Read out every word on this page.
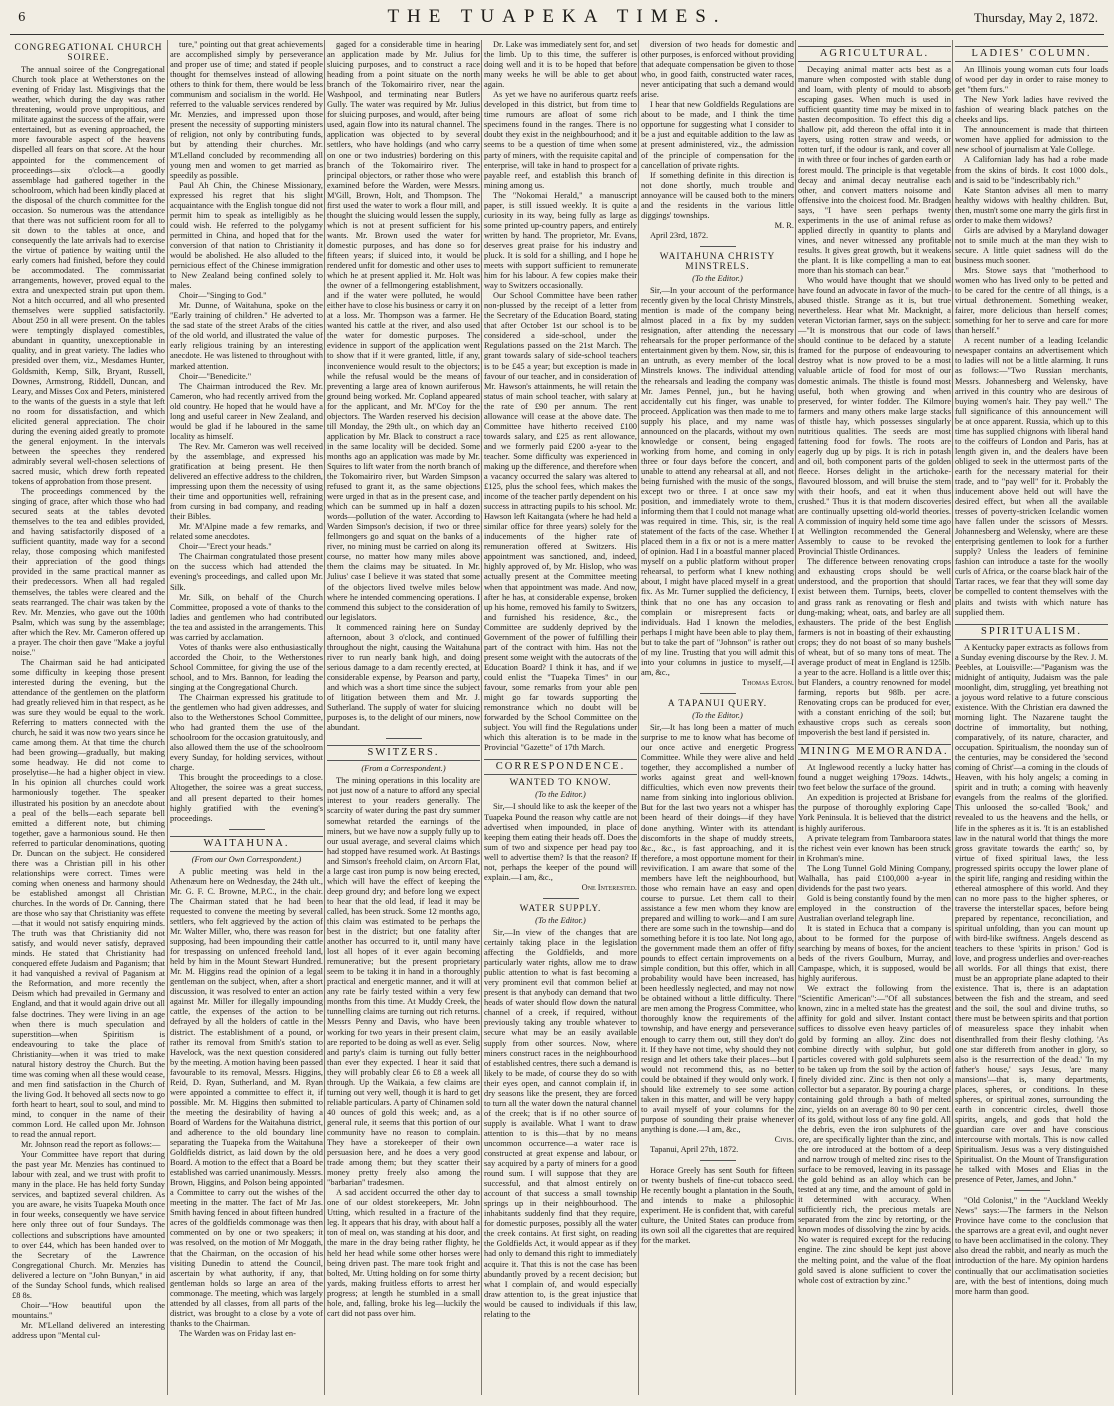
6	THE TUAPEKA TIMES.	Thursday, May 2, 1872.

CONGREGATIONAL CHURCH SOIREE.

The annual soiree of the Congregational Church took place at Wetherstones on the evening of Friday last. Misgivings that the weather, which during the day was rather threatening, would prove unpropitious, and militate against the success of the affair, were entertained, but as evening approached, the more favourable aspect of the heavens dispelled all fears on that score. At the hour appointed for the commencement of proceedings—six o'clock—a goodly assemblage had gathered together in the schoolroom, which had been kindly placed at the disposal of the church committee for the occasion. So numerous was the attendance that there was not sufficient room for all to sit down to the tables at once, and consequently the late arrivals had to exercise the virtue of patience by waiting until the early comers had finished, before they could be accommodated. The commissariat arrangements, however, proved equal to the extra and unexpected strain put upon them. Not a hitch occurred, and all who presented themselves were supplied satisfactorily. About 250 in all were present. On the tables were temptingly displayed comestibles, abundant in quantity, unexceptionable in quality, and in great variety. The ladies who presided over them, viz., Mesdames Hunter, Goldsmith, Kemp, Silk, Bryant, Russell, Downes, Armstrong, Riddell, Duncan, and Leary, and Misses Cox and Peters, ministered to the wants of the guests in a style that left no room for dissatisfaction, and which elicited general appreciation. The choir during the evening aided greatly to promote the general enjoyment. In the intervals between the speeches they rendered admirably several well-chosen selections of sacred music, which drew forth repeated tokens of approbation from those present.

The proceedings commenced by the singing of grace, after which those who had secured seats at the tables devoted themselves to the tea and edibles provided, and having satisfactorily disposed of a sufficient quantity, made way for a second relay, those composing which manifested their appreciation of the good things provided in the same practical manner as their predecessors. When all had regaled themselves, the tables were cleared and the seats rearranged. The chair was taken by the Rev. Mr. Menzies, who gave out the 100th Psalm, which was sung by the assemblage; after which the Rev. Mr. Cameron offered up a prayer. The choir then gave "Make a joyful noise."

The Chairman said he had anticipated some difficulty in keeping those present interested during the evening, but the attendance of the gentlemen on the platform had greatly relieved him in that respect, as he was sure they would be equal to the work. Referring to matters connected with the church, he said it was now two years since he came among them. At that time the church had been growing—gradually, but making some headway. He did not come to proselytise—he had a higher object in view. In his opinion all churches could work harmoniously together. The speaker illustrated his position by an anecdote about a peal of the bells—each separate bell emitted a different note, but chiming together, gave a harmonious sound. He then referred to particular denominations, quoting Dr. Duncan on the subject. He considered there was a Christian pill in his other relationships were correct. Times were coming when oneness and harmony should be established amongst all Christian churches. In the words of Dr. Canning, there are those who say that Christianity was effete—that it would not satisfy enquiring minds. The truth was that Christianity did not satisfy, and would never satisfy, depraved minds. He stated that Christianity had conquered effete Judaism and Paganism; that it had vanquished a revival of Paganism at the Reformation, and more recently the Deism which had prevailed in Germany and England, and that it would again drive out all false doctrines. They were living in an age when there is much speculation and superstition—when Spiritism is endeavouring to take the place of Christianity—when it was tried to make natural history destroy the Church. But the time was coming when all these would cease, and men find satisfaction in the Church of the living God. It behoved all sects now to go forth heart to heart, soul to soul, and mind to mind, to conquer in the name of their common Lord. He called upon Mr. Johnson to read the annual report.

Mr. Johnson read the report as follows:—

Your Committee have report that during the past year Mr. Menzies has continued to labour with zeal, and we trust with profit to many in the place. He has held forty Sunday services, and baptized several children. As you are aware, he visits Tuapeka Mouth once in four weeks, consequently we have service here only three out of four Sundays. The collections and subscriptions have amounted to over £44, which has been handed over to the Secretary of the Lawrence Congregational Church. Mr. Menzies has delivered a lecture on "John Bunyan," in aid of the Sunday School funds, which realised £8 8s.

Choir—"How beautiful upon the mountains."

Mr. M'Lelland delivered an interesting address upon "Mental cul-

ture," pointing out that great achievements are accomplished simply by perseverance and proper use of time; and stated if people thought for themselves instead of allowing others to think for them, there would be less communism and socialism in the world. He referred to the valuable services rendered by Mr. Menzies, and impressed upon those present the necessity of supporting ministers of religion, not only by contributing funds, but by attending their churches. Mr. M'Lelland concluded by recommending all young men and women to get married as speedily as possible.

Paul Ah Chin, the Chinese Missionary, expressed his regret that his slight acquaintance with the English tongue did not permit him to speak as intelligibly as he could wish. He referred to the polygamy permitted in China, and hoped that for the conversion of that nation to Christianity it would be abolished. He also alluded to the pernicious effect of the Chinese immigration to New Zealand being confined solely to males.

Choir—"Singing to God."

Mr. Dunne, of Waitahuna, spoke on the "Early training of children." He adverted to the sad state of the street Arabs of the cities of the old world, and illustrated the value of early religious training by an interesting anecdote. He was listened to throughout with marked attention.

Choir—"Benedicite."

The Chairman introduced the Rev. Mr. Cameron, who had recently arrived from the old country. He hoped that he would have a long and useful career in New Zealand, and would be glad if he laboured in the same locality as himself.

The Rev. Mr. Cameron was well received by the assemblage, and expressed his gratification at being present. He then delivered an effective address to the children, impressing upon them the necessity of using their time and opportunities well, refraining from cursing in bad company, and reading their Bibles.

Mr. M'Alpine made a few remarks, and related some anecdotes.

Choir—"Erect your heads."

The Chairman congratulated those present on the success which had attended the evening's proceedings, and called upon Mr. Silk.

Mr. Silk, on behalf of the Church Committee, proposed a vote of thanks to the ladies and gentlemen who had contributed the tea and assisted in the arrangements. This was carried by acclamation.

Votes of thanks were also enthusiastically accorded the Choir, to the Wetherstones School Committee, for giving the use of the school, and to Mrs. Bannon, for leading the singing at the Congregational Church.

The Chairman expressed his gratitude to the gentlemen who had given addresses, and also to the Wetherstones School Committee, who had granted them the use of the schoolroom for the occasion gratuitously, and also allowed them the use of the schoolroom every Sunday, for holding services, without charge.

This brought the proceedings to a close. Altogether, the soiree was a great success, and all present departed to their homes highly gratified with the evening's proceedings.

WAITAHUNA.

(From our Own Correspondent.)

A public meeting was held in the Athenæum here on Wednesday, the 24th ult., Mr. G. F. C. Browne, M.P.C., in the chair. The Chairman stated that he had been requested to convene the meeting by several settlers, who felt aggrieved by the action of Mr. Walter Miller, who, there was reason for supposing, had been impounding their cattle for trespassing on unfenced freehold land, held by him in the Mount Stewart Hundred. Mr. M. Higgins read the opinion of a legal gentleman on the subject, when, after a short discussion, it was resolved to enter an action against Mr. Miller for illegally impounding cattle, the expenses of the action to be defrayed by all the holders of cattle in the district. The establishment of a pound, or rather its removal from Smith's station to Havelock, was the next question considered by the meeting. A motion having been passed favourable to its removal, Messrs. Higgins, Reid, D. Ryan, Sutherland, and M. Ryan were appointed a committee to effect it, if possible. Mr. M. Higgins then submitted to the meeting the desirability of having a Board of Wardens for the Waitahuna district, and adherence to the old boundary line separating the Tuapeka from the Waitahuna Goldfields district, as laid down by the old Board. A motion to the effect that a Board be established was carried unanimously. Messrs. Brown, Higgins, and Polson being appointed a Committee to carry out the wishes of the meeting in the matter. The fact of Mr Jas. Smith having fenced in about fifteen hundred acres of the goldfields commonage was then commented on by one or two speakers; it was resolved, on the motion of Mr Moggath, that the Chairman, on the occasion of his visiting Dunedin to attend the Council, ascertain by what authority, if any, that gentleman holds so large an area of the commonage. The meeting, which was largely attended by all classes, from all parts of the district, was brought to a close by a vote of thanks to the Chairman.

The Warden was on Friday last en-

gaged for a considerable time in hearing an application made by Mr. Julius for sluicing purposes, and to construct a race heading from a point situate on the north branch of the Tokomairiro river, near the Washpool, and terminating near Butlers Gully. The water was required by Mr. Julius for sluicing purposes, and would, after being used, again flow into its natural channel. The application was objected to by several settlers, who have holdings (and who carry on one or two industries) bordering on this branch of the Tokomairiro river. The principal objectors, or rather those who were examined before the Warden, were Messrs. M'Gill, Brown, Holt, and Thompson. The first used the water to work a flour mill, and thought the sluicing would lessen the supply, which is not at present sufficient for his wants. Mr. Brown used the water for domestic purposes, and has done so for fifteen years; if sluiced into, it would be rendered unfit for domestic and other uses to which he at present applied it. Mr. Holt was the owner of a fellmongering establishment, and if the water were polluted, he would either have to close his business or carry it on at a loss. Mr. Thompson was a farmer. He wanted his cattle at the river, and also used the water for domestic purposes. The evidence in support of the application went to show that if it were granted, little, if any, inconvenience would result to the objectors; while the refusal would be the means of preventing a large area of known auriferous ground being worked. Mr. Copland appeared for the applicant, and Mr. M'Coy for the objectors. The Warden reserved his decision till Monday, the 29th ult., on which day an application by Mr. Black to construct a race in the same locality will be decided. Some months ago an application was made by Mr. Squires to lift water from the north branch of the Tokomairiro river, but Warden Simpson refused to grant it, as the same objections were urged in that as in the present case, and which can be summed up in half a dozen words—pollution of the water. According to Warden Simpson's decision, if two or three fellmongers go and squat on the banks of a river, no mining must be carried on along its course, no matter how many miles above them the claims may be situated. In Mr. Julius' case I believe it was stated that some of the objectors lived twelve miles below where he intended commencing operations. I commend this subject to the consideration of our legislators.

It commenced raining here on Sunday afternoon, about 3 o'clock, and continued throughout the night, causing the Waitahuna river to run nearly bank high, and doing serious damage to a dam recently erected, at considerable expense, by Pearson and party, and which was a short time since the subject of litigation between them and Mr. J. Sutherland. The supply of water for sluicing purposes is, to the delight of our miners, now abundant.

SWITZERS.

(From a Correspondent.)

The mining operations in this locality are not just now of a nature to afford any special interest to your readers generally. The scarcity of water during the past dry summer somewhat retarded the earnings of the miners, but we have now a supply fully up to our usual average, and several claims which had stopped have resumed work. At Bastings and Simson's freehold claim, on Arcorn Flat, a large cast iron pump is now being erected, which will have the effect of keeping the deep ground dry; and before long we expect to hear that the old lead, if lead it may be called, has been struck. Some 12 months ago, this claim was estimated to be perhaps the best in the district; but one fatality after another has occurred to it, until many have lost all hopes of it ever again becoming remunerative; but the present proprietary seem to be taking it in hand in a thoroughly practical and energetic manner, and it will at any rate be fairly tested within a very few months from this time. At Muddy Creek, the tunnelling claims are turning out rich returns. Messrs Penny and Davis, who have been working for two years in their present claim, are reported to be doing as well as ever. Selig and party's claim is turning out fully better than ever they expected. I hear it said that they will probably clear £6 to £8 a week all through. Up the Waikaia, a few claims are turning out very well, though it is hard to get reliable particulars. A party of Chinamen sold 40 ounces of gold this week; and, as a general rule, it seems that this portion of our community have no reason to complain. They have a storekeeper of their own persuasion here, and he does a very good trade among them; but they scatter their money pretty freely also among the "barbarian" tradesmen.

A sad accident occurred the other day to one of our oldest storekeepers, Mr. John Utting, which resulted in a fracture of the leg. It appears that his dray, with about half a ton of meal on, was standing at his door, and the mare in the dray being rather flighty, he held her head while some other horses were being driven past. The mare took fright and bolted, Mr. Utting holding on for some thirty yards, making fruitless efforts to arrest her progress; at length he stumbled in a small hole, and, falling, broke his leg—luckily the cart did not pass over him.

Dr. Lake was immediately sent for, and set the limb. Up to this time, the sufferer is doing well and it is to be hoped that before many weeks he will be able to get about again.

As yet we have no auriferous quartz reefs developed in this district, but from time to time rumours are afloat of some rich specimens found in the ranges. There is no doubt they exist in the neighbourhood; and it seems to be a question of time when some party of miners, with the requisite capital and enterprise, will take in hand to prospect for a payable reef, and establish this branch of mining among us.

The "Nokomai Herald," a manuscript paper, is still issued weekly. It is quite a curiosity in its way, being fully as large as some printed up-country papers, and entirely written by hand. The proprietor, Mr. Evans, deserves great praise for his industry and pluck. It is sold for a shilling, and I hope he meets with support sufficient to remunerate him for his labour. A few copies make their way to Switzers occasionally.

Our School Committee have been rather non-plussed by the receipt of a letter from the Secretary of the Education Board, stating that after October 1st our school is to be considered a side-school, under the Regulations passed on the 21st March. The grant towards salary of side-school teachers is to be £45 a year; but exception is made in favour of our teacher, and in consideration of Mr. Hawson's attainments, he will retain the status of main school teacher, with salary at the rate of £90 per annum. The rent allowance will cease at the above date. The Committee have hitherto received £100 towards salary, and £25 as rent allowance, and we formerly paid £200 a-year to the teacher. Some difficulty was experienced in making up the difference, and therefore when a vacancy occurred the salary was altered to £125, plus the school fees, which makes the income of the teacher partly dependent on his success in attracting pupils to his school. Mr. Hawson left Kaitangata (where he had held a similar office for three years) solely for the inducements of the higher rate of remuneration offered at Switzers. His appointment was sanctioned, and, indeed, highly approved of, by Mr. Hislop, who was actually present at the Committee meeting when that appointment was made. And now, after he has, at considerable expense, broken up his home, removed his family to Switzers, and furnished his residence, &c., the Committee are suddenly deprived by the Government of the power of fulfilling their part of the contract with him. Has not the present some weight with the autocrats of the Education Board? I think it has, and if we could enlist the "Tuapeka Times" in our favour, some remarks from your able pen might go far towards supporting the remonstrance which no doubt will be forwarded by the School Committee on the subject. You will find the Regulations under which this alteration is to be made in the Provincial "Gazette" of 17th March.

CORRESPONDENCE.

WANTED TO KNOW.

(To the Editor.)

Sir,—I should like to ask the keeper of the Tuapeka Pound the reason why cattle are not advertised when impounded, in place of keeping them eating their heads off. Does the sum of two and sixpence per head pay too well to advertise them? Is that the reason? If not, perhaps the keeper of the pound will explain.—I am, &c.,

One Interested.

WATER SUPPLY.

(To the Editor.)

Sir,—In view of the changes that are certainly taking place in the legislation affecting the Goldfields, and more particularly water rights, allow me to draw public attention to what is fast becoming a very prominent evil that common belief at present is that anybody can demand that two heads of water should flow down the natural channel of a creek, if required, without previously taking any trouble whatever to secure what may be an easily available supply from other sources. Now, where miners construct races in the neighbourhood of established centres, there such a demand is likely to be made, of course they do so with their eyes open, and cannot complain if, in dry seasons like the present, they are forced to turn all the water down the natural channel of the creek; that is if no other source of supply is available. What I want to draw attention to is this—that by no means uncommon occurrence—a water race is constructed at great expense and labour, or say acquired by a party of miners for a good round sum. I will suppose that they are successful, and that almost entirely on account of that success a small township springs up in their neighbourhood. The inhabitants suddenly find that they require, for domestic purposes, possibly all the water the creek contains. At first sight, on reading the Goldfields Act, it would appear as if they had only to demand this right to immediately acquire it. That this is not the case has been abundantly proved by a recent decision; but what I complain of, and would especially draw attention to, is the great injustice that would be caused to individuals if this law, relating to the

diversion of two heads for domestic and other purposes, is enforced without providing that adequate compensation be given to those who, in good faith, constructed water races, never anticipating that such a demand would arise.

I hear that new Goldfields Regulations are about to be made, and I think the time opportune for suggesting what I consider to be a just and equitable addition to the law as at present administered, viz., the admission of the principle of compensation for the cancellation of private rights.

If something definite in this direction is not done shortly, much trouble and annoyance will be caused both to the miners and the residents in the various little diggings' townships.

M. R.

April 23rd, 1872.

WAITAHUNA CHRISTY MINSTRELS.

(To the Editor.)

Sir,—In your account of the performance recently given by the local Christy Minstrels, mention is made of the company being almost placed in a fix by my sudden resignation, after attending the necessary rehearsals for the proper performance of the entertainment given by them. Now, sir, this is an untruth, as every member of the local Minstrels knows. The individual attending the rehearsals and leading the company was Mr. James Pennel, jun., but he having accidentally cut his finger, was unable to proceed. Application was then made to me to supply his place, and my name was announced on the placards, without my own knowledge or consent, being engaged working from home, and coming in only three or four days before the concert, and unable to attend any rehearsal at all, and not being furnished with the music of the songs, except two or three. I at once saw my position, and immediately wrote to them, informing them that I could not manage what was required in time. This, sir, is the real statement of the facts of the case. Whether I placed them in a fix or not is a mere matter of opinion. Had I in a boastful manner placed myself on a public platform without proper rehearsal, to perform what I knew nothing about, I might have placed myself in a great fix. As Mr. Turner supplied the deficiency, I think that no one has any occasion to complain or misrepresent facts or individuals. Had I known the melodies, perhaps I might have been able to play them, but to take the part of "Johnson" is rather out of my line. Trusting that you will admit this into your columns in justice to myself,—I am, &c.,

Thomas Eaton.

A TAPANUI QUERY.

(To the Editor.)

Sir,—It has long been a matter of much surprise to me to know what has become of our once active and energetic Progress Committee. While they were alive and held together, they accomplished a number of works against great and well-known difficulties, which even now prevents their name from sinking into inglorious oblivion. But for the last two years not a whisper has been heard of their doings—if they have done anything. Winter with its attendant discomforts in the shape of muddy streets, &c., &c., is fast approaching, and it is therefore, a most opportune moment for their revivification. I am aware that some of the members have left the neighbourhood, but those who remain have an easy and open course to pursue. Let them call to their assistance a few men whom they know are prepared and willing to work—and I am sure there are some such in the township—and do something before it is too late. Not long ago, the government made them an offer of fifty pounds to effect certain improvements on a simple condition, but this offer, which in all probability would have been increased, has been heedlessly neglected, and may not now be obtained without a little difficulty. There are men among the Progress Committee, who thoroughly know the requirements of the township, and have energy and perseverance enough to carry them out, still they don't do it. If they have not time, why should they not resign and let others take their places—but I would not recommend this, as no better could be obtained if they would only work. I should like extremely to see some action taken in this matter, and will be very happy to avail myself of your columns for the purpose of sounding their praise whenever anything is done.—I am, &c.,

Civis.

Tapanui, April 27th, 1872.

Horace Greely has sent South for fifteen or twenty bushels of fine-cut tobacco seed. He recently bought a plantation in the South, and intends to make a philosophic experiment. He is confident that, with careful culture, the United States can produce from its own soil all the cigarettes that are required for the market.

AGRICULTURAL.

Decaying animal matter acts best as a manure when composted with stable dung and loam, with plenty of mould to absorb escaping gases. When much is used in sufficient quantity time may be mixed in to hasten decomposition. To effect this dig a shallow pit, add thereon the offal into it in layers, using rotten straw and weeds, or rotten turf, if the odour is rank, and cover all in with three or four inches of garden earth or forest mould. The principle is that vegetable decay and animal decay neutralise each other, and convert matters noisome and offensive into the choicest food. Mr. Bradgen says, "I have seen perhaps twenty experiments in the use of animal refuse as applied directly in quantity to plants and vines, and never witnessed any profitable results. It gives great growth, but it weakens the plant. It is like compelling a man to eat more than his stomach can bear."

Who would have thought that we should have found an advocate in favor of the much-abused thistle. Strange as it is, but true nevertheless. Hear what Mr. Macknight, a veteran Victorian farmer, says on the subject:—"It is monstrous that our code of laws should continue to be defaced by a statute framed for the purpose of endeavouring to destroy what is now proved to be a most valuable article of food for most of our domestic animals. The thistle is found most useful, both when growing and when preserved, for winter fodder. The Kilmore farmers and many others make large stacks of thistle hay, which possesses singularly nutritious qualities. The seeds are most fattening food for fowls. The roots are eagerly dug up by pigs. It is rich in potash and oil, both component parts of the golden fleece. Horses delight in the artichoke-flavoured blossom, and will bruise the stem with their hoofs, and eat it when thus crushed." Thus it is that modern discoveries are continually upsetting old-world theories. A commission of inquiry held some time ago at Wellington recommended the General Assembly to cause to be revoked the Provincial Thistle Ordinances.

The difference between renovating crops and exhausting crops should be well understood, and the proportion that should exist between them. Turnips, beets, clover and grass rank as renovating or flesh and dung-making; wheat, oats, and barley are all exhausters. The pride of the best English farmers is not in boasting of their exhausting crops; they do not boast of so many bushels of wheat, but of so many tons of meat. The average product of meat in England is 125lb. a year to the acre. Holland is a little over this; but Flanders, a country renowned for model farming, reports but 98lb. per acre. Renovating crops can be produced for ever, with a constant enriching of the soil; but exhaustive crops such as cereals soon impoverish the best land if persisted in.

MINING MEMORANDA.

At Inglewood recently a lucky hatter has found a nugget weighing 179ozs. 14dwts., two feet below the surface of the ground.

An expedition is projected at Brisbane for the purpose of thoroughly exploring Cape York Peninsula. It is believed that the district is highly auriferous.

A private telegram from Tambaroora states the richest vein ever known has been struck in Krohman's mine.

The Long Tunnel Gold Mining Company, Walhalla, has paid £100,000 a-year in dividends for the past two years.

Gold is being constantly found by the men employed in the construction of the Australian overland telegraph line.

It is stated in Echuca that a company is about to be formed for the purpose of searching by means of boxes, for the ancient beds of the rivers Goulburn, Murray, and Campaspe, which, it is supposed, would be highly auriferous.

We extract the following from the "Scientific American":—"Of all substances known, zinc in a melted state has the greatest affinity for gold and silver. Instant contact suffices to dissolve even heavy particles of gold by forming an alloy. Zinc does not combine directly with sulphur, but gold particles covered with gold sulphurets seem to be taken up from the soil by the action of finely divided zinc. Zinc is then not only a collector but a separator. By pouring a charge containing gold through a bath of melted zinc, yields on an average 80 to 90 per cent. of its gold, without loss of any fine gold. All the debris, even the iron sulphurets of the ore, are specifically lighter than the zinc, and the ore introduced at the bottom of a deep and narrow trough of melted zinc rises to the surface to be removed, leaving in its passage the gold behind as an alloy which can be tested at any time, and the amount of gold in it determined with accuracy. When sufficiently rich, the precious metals are separated from the zinc by retorting, or the known modes of dissolving the zinc by acids. No water is required except for the reducing engine. The zinc should be kept just above the melting point, and the value of the float gold saved is alone sufficient to cover the whole cost of extraction by zinc."

LADIES' COLUMN.

An Illinois young woman cuts four loads of wood per day in order to raise money to get "them furs."

The New York ladies have revived the fashion of wearing black patches on the cheeks and lips.

The announcement is made that thirteen women have applied for admission to the new school of journalism at Yale College.

A Californian lady has had a robe made from the skins of birds. It cost 1000 dols., and is said to be "indescribably rich."

Kate Stanton advises all men to marry healthy widows with healthy children. But, then, mustn't some one marry the girls first in order to make them widows?

Girls are advised by a Maryland dowager not to smile much at the man they wish to secure. A little quiet sadness will do the business much sooner.

Mrs. Stowe says that "motherhood to women who has lived only to be petted and to be cared for the centre of all things, is a virtual dethronement. Something weaker, fairer, more delicious than herself comes; something for her to serve and care for more than herself."

A recent number of a leading Icelandic newspaper contains an advertisement which to ladies will not be a little alarming. It runs as follows:—"Two Russian merchants, Messrs. Johannesberg and Welensky, have arrived in this country who are desirous of buying women's hair. They pay well." The full significance of this announcement will be at once apparent. Russia, which up to this time has supplied chignons with liberal hand to the coiffeurs of London and Paris, has at length given in, and the dealers have been obliged to seek in the uttermost parts of the earth for the necessary material for their trade, and to "pay well" for it. Probably the inducement above held out will have the desired effect, but when all the available tresses of poverty-stricken Icelandic women have fallen under the scissors of Messrs. Johannesberg and Welensky, where are these enterprising gentlemen to look for a further supply? Unless the leaders of feminine fashion can introduce a taste for the woolly curls of Africa, or the coarse black hair of the Tartar races, we fear that they will some day be compelled to content themselves with the plaits and twists with which nature has supplied them.

SPIRITUALISM.

A Kentucky paper extracts as follows from a Sunday evening discourse by the Rev. J. M. Peebles, at Louisville:—"Paganism was the midnight of antiquity, Judaism was the pale moonlight, dim, struggling, yet breathing not a joyous word relative to a future conscious existence. With the Christian era dawned the morning light. The Nazarene taught the doctrine of immortality, but nothing, comparatively, of its nature, character, and occupation. Spiritualism, the noonday sun of the centuries, may be considered the 'second coming of Christ'—a coming in the clouds of Heaven, with his holy angels; a coming in spirit and in truth; a coming with heavenly evangels from the realms of the glorified. This unloosed the so-called 'Book,' and revealed to us the heavens and the hells, or life in the spheres as it is. 'It is an established law in the natural world that things the more gross gravitate towards the earth;' so, by virtue of fixed spiritual laws, the less progressed spirits occupy the lower plane of the spirit life, ranging and residing within the ethereal atmosphere of this world. And they can no more pass to the higher spheres, or traverse the interstellar spaces, before being prepared by repentance, reconciliation, and spiritual unfolding, than you can mount up with bird-like swiftness. Angels descend as teachers to these 'spirits in prison.' God is love, and progress underlies and over-reaches all worlds. For all things that exist, there must be an appropriate plane adapted to their existence. That is, there is an adaptation between the fish and the stream, and seed and the soil, the soul and divine truths, so there must be between spirits and that portion of measureless space they inhabit when disenthralled from their fleshy clothing. 'As one star differeth from another in glory, so also is the resurrection of the dead.' 'In my father's house,' says Jesus, 'are many mansions'—that is, many departments, places, spheres, or conditions. In these spheres, or spiritual zones, surrounding the earth in concentric circles, dwell those spirits, angels, and gods that hold the guardian care over and have conscious intercourse with mortals. This is now called Spiritualism. Jesus was a very distinguished Spiritualist. On the Mount of Transfiguration he talked with Moses and Elias in the presence of Peter, James, and John."

"Old Colonist," in the "Auckland Weekly News" says:—The farmers in the Nelson Province have come to the conclusion that the sparrows are a great evil, and ought never to have been acclimatised in the colony. They also dread the rabbit, and nearly as much the introduction of the hare. My opinion hardens continually that our acclimatisation societies are, with the best of intentions, doing much more harm than good.
